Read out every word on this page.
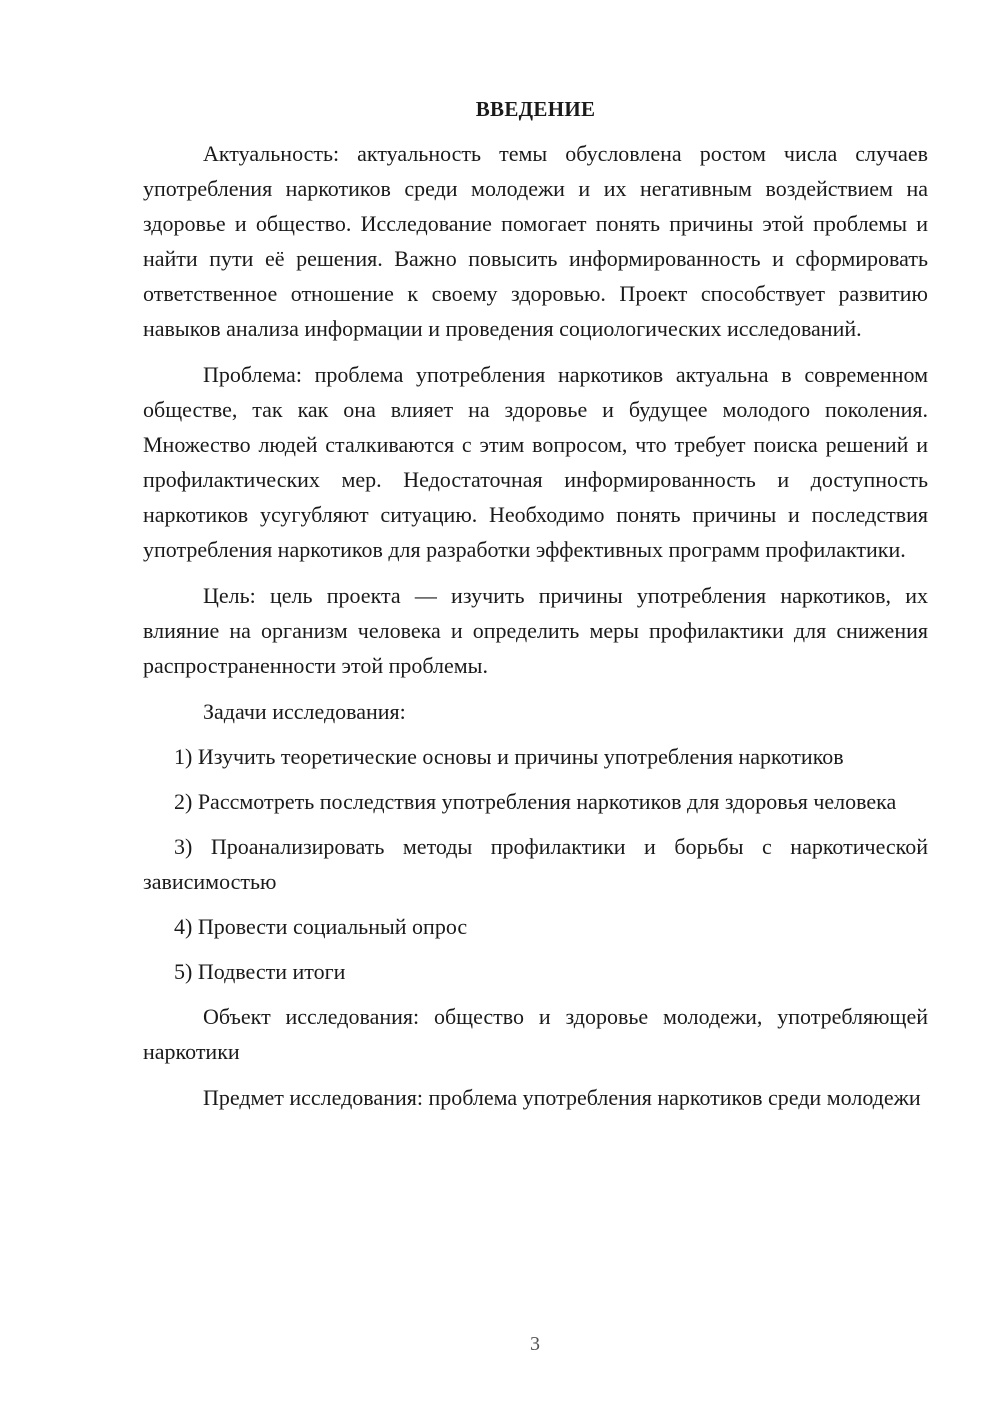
ВВЕДЕНИЕ

Актуальность: актуальность темы обусловлена ростом числа случаев употребления наркотиков среди молодежи и их негативным воздействием на здоровье и общество. Исследование помогает понять причины этой проблемы и найти пути её решения. Важно повысить информированность и сформировать ответственное отношение к своему здоровью. Проект способствует развитию навыков анализа информации и проведения социологических исследований.

Проблема: проблема употребления наркотиков актуальна в современном обществе, так как она влияет на здоровье и будущее молодого поколения. Множество людей сталкиваются с этим вопросом, что требует поиска решений и профилактических мер. Недостаточная информированность и доступность наркотиков усугубляют ситуацию. Необходимо понять причины и последствия употребления наркотиков для разработки эффективных программ профилактики.

Цель: цель проекта — изучить причины употребления наркотиков, их влияние на организм человека и определить меры профилактики для снижения распространенности этой проблемы.

Задачи исследования:

1) Изучить теоретические основы и причины употребления наркотиков

2) Рассмотреть последствия употребления наркотиков для здоровья человека

3) Проанализировать методы профилактики и борьбы с наркотической зависимостью

4) Провести социальный опрос

5) Подвести итоги

Объект исследования: общество и здоровье молодежи, употребляющей наркотики

Предмет исследования: проблема употребления наркотиков среди молодежи

3
